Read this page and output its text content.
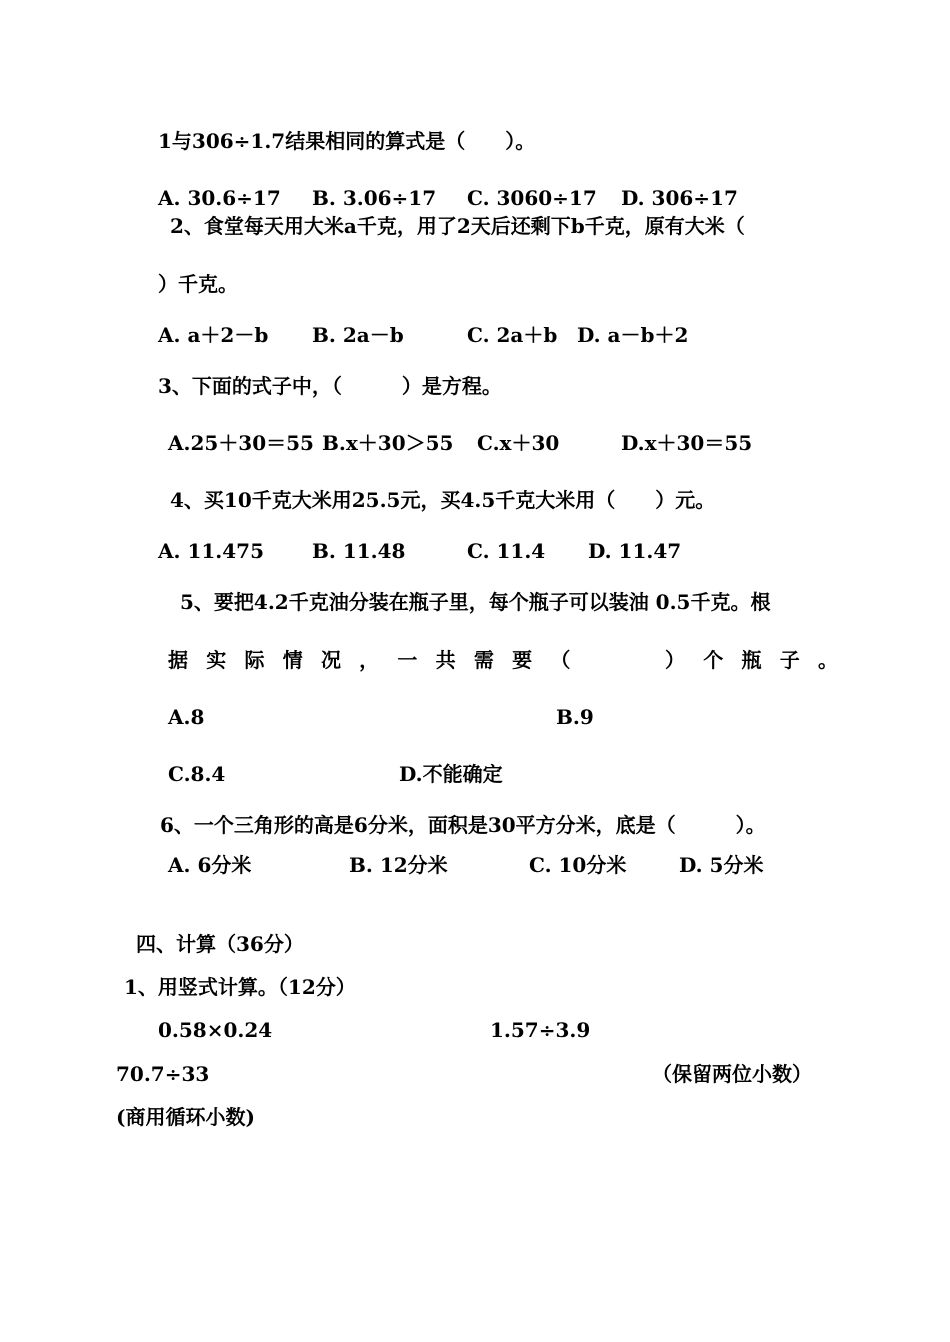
1与306÷1.7结果相同的算式是（　　）。
A. 30.6÷17 B. 3.06÷17 C. 3060÷17 D. 306÷17
2、食堂每天用大米a千克，用了2天后还剩下b千克，原有大米（
）千克。
A. a＋2－b B. 2a－b	C. 2a＋b D. a－b＋2
3、下面的式子中，（　　　）是方程。
A.25＋30＝55 B.x＋30＞55 C.x＋30	D.x＋30＝55
4、买10千克大米用25.5元，买4.5千克大米用（　　）元。
A. 11.475 B. 11.48	C. 11.4 D. 11.47
5、要把4.2千克油分装在瓶子里，每个瓶子可以装油 0.5千克。根
据 实 际 情 况 ， 一 共 需 要 （

　	） 个 瓶 子 。
A.8	B.9
C.8.4	D.不能确定
6、一个三角形的高是6分米，面积是30平方分米，底是（　　　）。
A. 6分米	B. 12分米	C. 10分米	D. 5分米
四、计算（36分）
1、用竖式计算。（12分）
0.58×0.24	1.57÷3.9
70.7÷33	（保留两位小数）
(商用循环小数)
